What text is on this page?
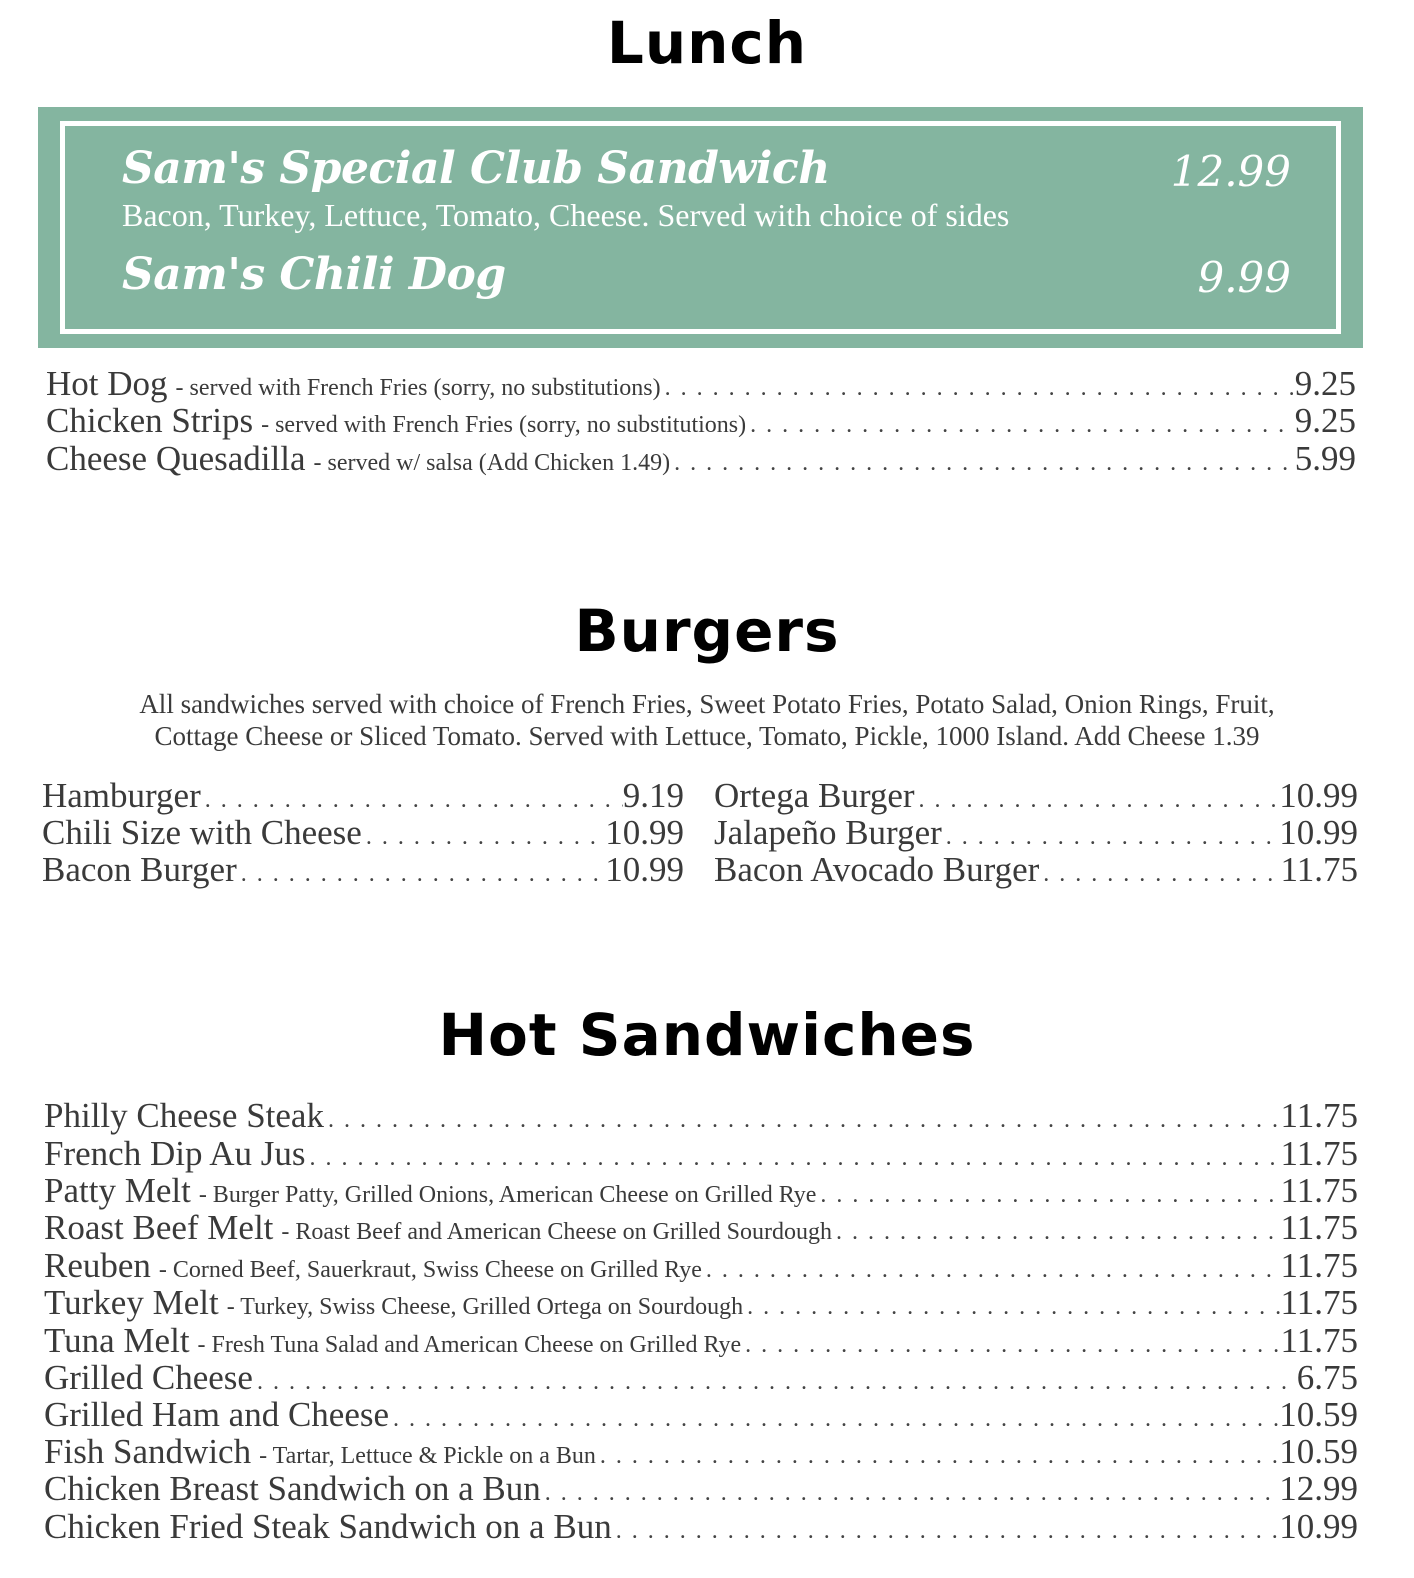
Lunch
Sam's Special Club Sandwich	12.99
Bacon, Turkey, Lettuce, Tomato, Cheese. Served with choice of sides
Sam's Chili Dog	9.99
Hot Dog - served with French Fries (sorry, no substitutions) . . .	9.25
Chicken Strips - served with French Fries (sorry, no substitutions) . . .	9.25
Cheese Quesadilla - served w/ salsa (Add Chicken 1.49) . . .	5.99
Burgers
All sandwiches served with choice of French Fries, Sweet Potato Fries, Potato Salad, Onion Rings, Fruit,
Cottage Cheese or Sliced Tomato. Served with Lettuce, Tomato, Pickle, 1000 Island. Add Cheese 1.39
Hamburger . . .	9.19
Chili Size with Cheese . . .	10.99
Bacon Burger . . .	10.99
Ortega Burger . . .	10.99
Jalapeño Burger . . .	10.99
Bacon Avocado Burger . . .	11.75
Hot Sandwiches
Philly Cheese Steak . . .	11.75
French Dip Au Jus . . .	11.75
Patty Melt - Burger Patty, Grilled Onions, American Cheese on Grilled Rye . . .	11.75
Roast Beef Melt - Roast Beef and American Cheese on Grilled Sourdough . . .	11.75
Reuben - Corned Beef, Sauerkraut, Swiss Cheese on Grilled Rye . . .	11.75
Turkey Melt - Turkey, Swiss Cheese, Grilled Ortega on Sourdough . . .	11.75
Tuna Melt - Fresh Tuna Salad and American Cheese on Grilled Rye . . .	11.75
Grilled Cheese . . .	6.75
Grilled Ham and Cheese . . .	10.59
Fish Sandwich - Tartar, Lettuce & Pickle on a Bun . . .	10.59
Chicken Breast Sandwich on a Bun . . .	12.99
Chicken Fried Steak Sandwich on a Bun . . .	10.99
